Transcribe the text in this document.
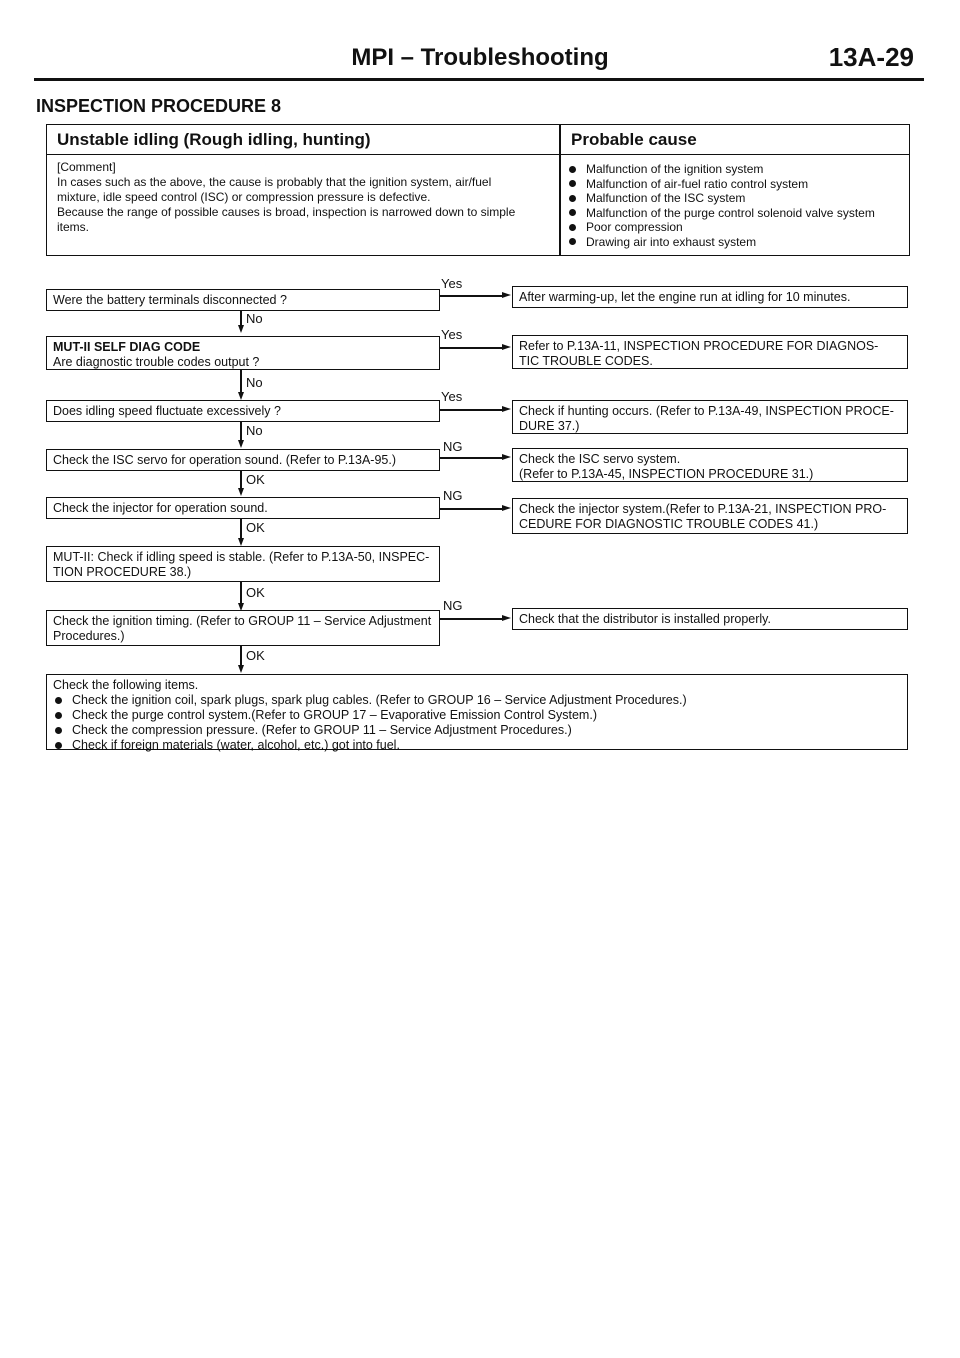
MPI – Troubleshooting	13A-29
INSPECTION PROCEDURE 8
Unstable idling (Rough idling, hunting)	Probable cause
[Comment]
In cases such as the above, the cause is probably that the ignition system, air/fuel
mixture, idle speed control (ISC) or compression pressure is defective.
Because the range of possible causes is broad, inspection is narrowed down to simple
items.
Malfunction of the ignition system
Malfunction of air-fuel ratio control system
Malfunction of the ISC system
Malfunction of the purge control solenoid valve system
Poor compression
Drawing air into exhaust system
No
No
No
OK
OK
OK
OK
Were the battery terminals disconnected ?
MUT-II SELF DIAG CODE
Are diagnostic trouble codes output ?
Does idling speed fluctuate excessively ?
Check the ISC servo for operation sound. (Refer to P.13A-95.)
Check the injector for operation sound.
MUT-II: Check if idling speed is stable. (Refer to P.13A-50, INSPEC-
TION PROCEDURE 38.)
Check the ignition timing. (Refer to GROUP 11 – Service Adjustment
Procedures.)
Yes
Yes
Yes
NG
NG
NG
After warming-up, let the engine run at idling for 10 minutes.
Refer to P.13A-11, INSPECTION PROCEDURE FOR DIAGNOS-
TIC TROUBLE CODES.
Check if hunting occurs. (Refer to P.13A-49, INSPECTION PROCE-
DURE 37.)
Check the ISC servo system.
(Refer to P.13A-45, INSPECTION PROCEDURE 31.)
Check the injector system.(Refer to P.13A-21, INSPECTION PRO-
CEDURE FOR DIAGNOSTIC TROUBLE CODES 41.)
Check that the distributor is installed properly.
Check the following items.
Check the ignition coil, spark plugs, spark plug cables. (Refer to GROUP 16 – Service Adjustment Procedures.)
Check the purge control system.(Refer to GROUP 17 – Evaporative Emission Control System.)
Check the compression pressure. (Refer to GROUP 11 – Service Adjustment Procedures.)
Check if foreign materials (water, alcohol, etc.) got into fuel.
